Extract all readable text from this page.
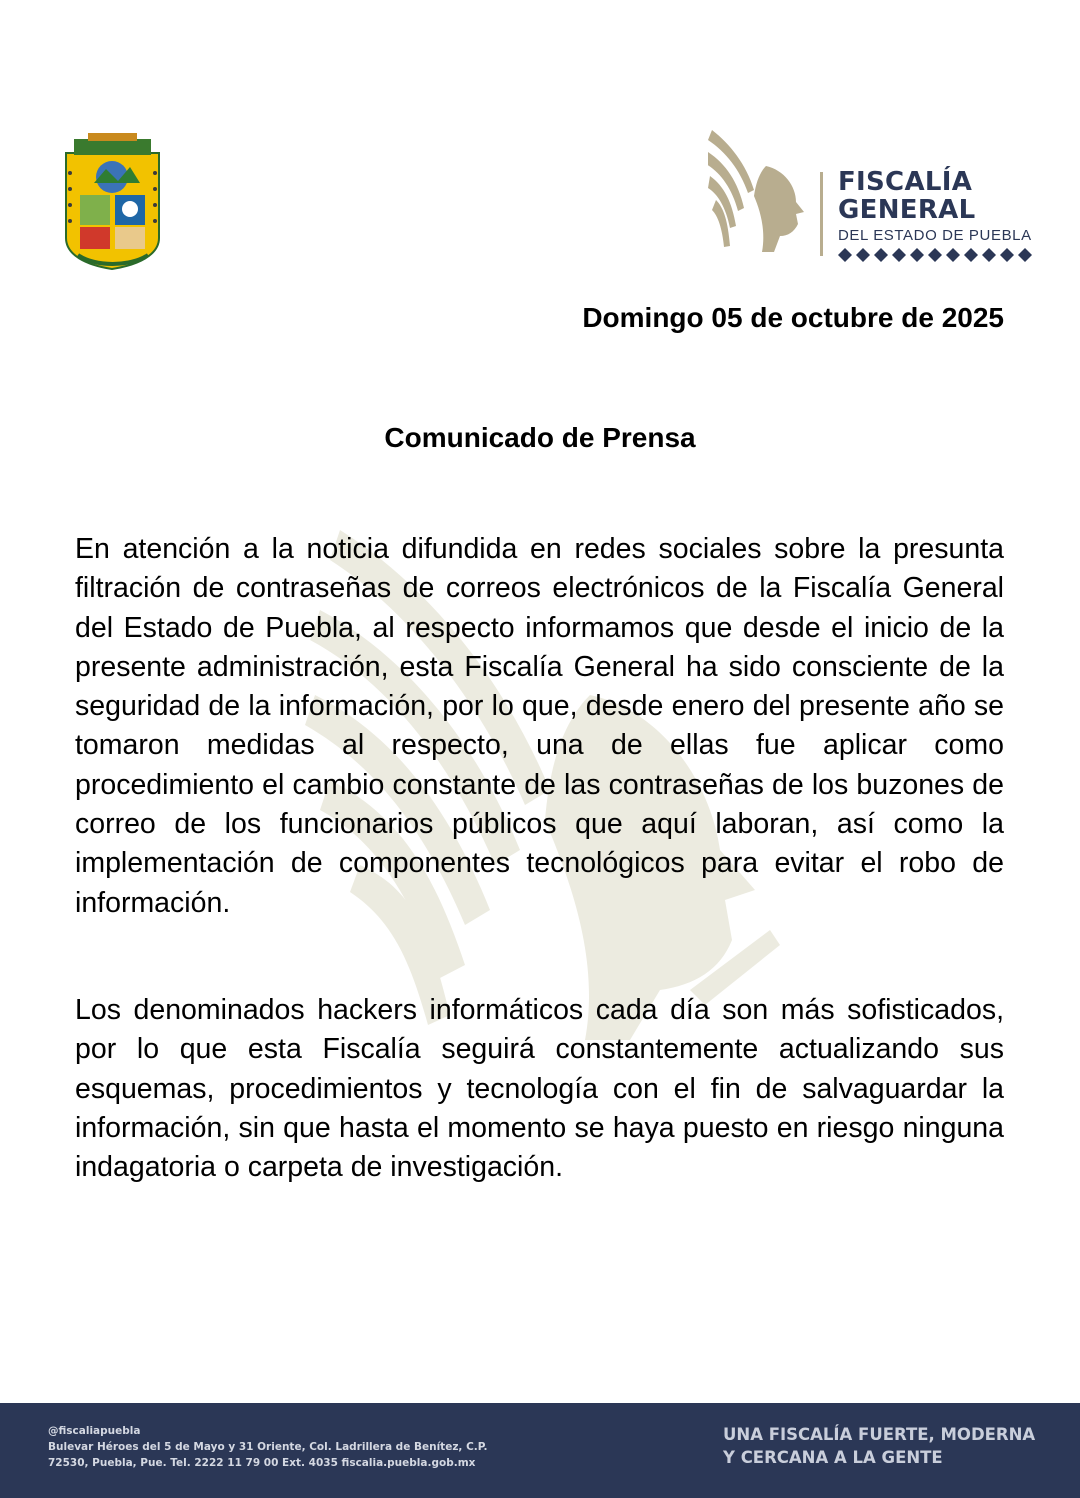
FISCALÍA
GENERAL
DEL ESTADO DE PUEBLA
Domingo 05 de octubre de 2025
Comunicado de Prensa

En atención a la noticia difundida en redes sociales sobre la presunta filtración de contraseñas de correos electrónicos de la Fiscalía General del Estado de Puebla, al respecto informamos que desde el inicio de la presente administración, esta Fiscalía General ha sido consciente de la seguridad de la información, por lo que, desde enero del presente año se tomaron medidas al respecto, una de ellas fue aplicar como procedimiento el cambio constante de las contraseñas de los buzones de correo de los funcionarios públicos que aquí laboran, así como la implementación de componentes tecnológicos para evitar el robo de información.

Los denominados hackers informáticos cada día son más sofisticados, por lo que esta Fiscalía seguirá constantemente actualizando sus esquemas, procedimientos y tecnología con el fin de salvaguardar la información, sin que hasta el momento se haya puesto en riesgo ninguna indagatoria o carpeta de investigación.

@fiscaliapuebla
Bulevar Héroes del 5 de Mayo y 31 Oriente, Col. Ladrillera de Benítez, C.P.
72530, Puebla, Pue. Tel. 2222 11 79 00 Ext. 4035 fiscalia.puebla.gob.mx
UNA FISCALÍA FUERTE, MODERNA
Y CERCANA A LA GENTE
